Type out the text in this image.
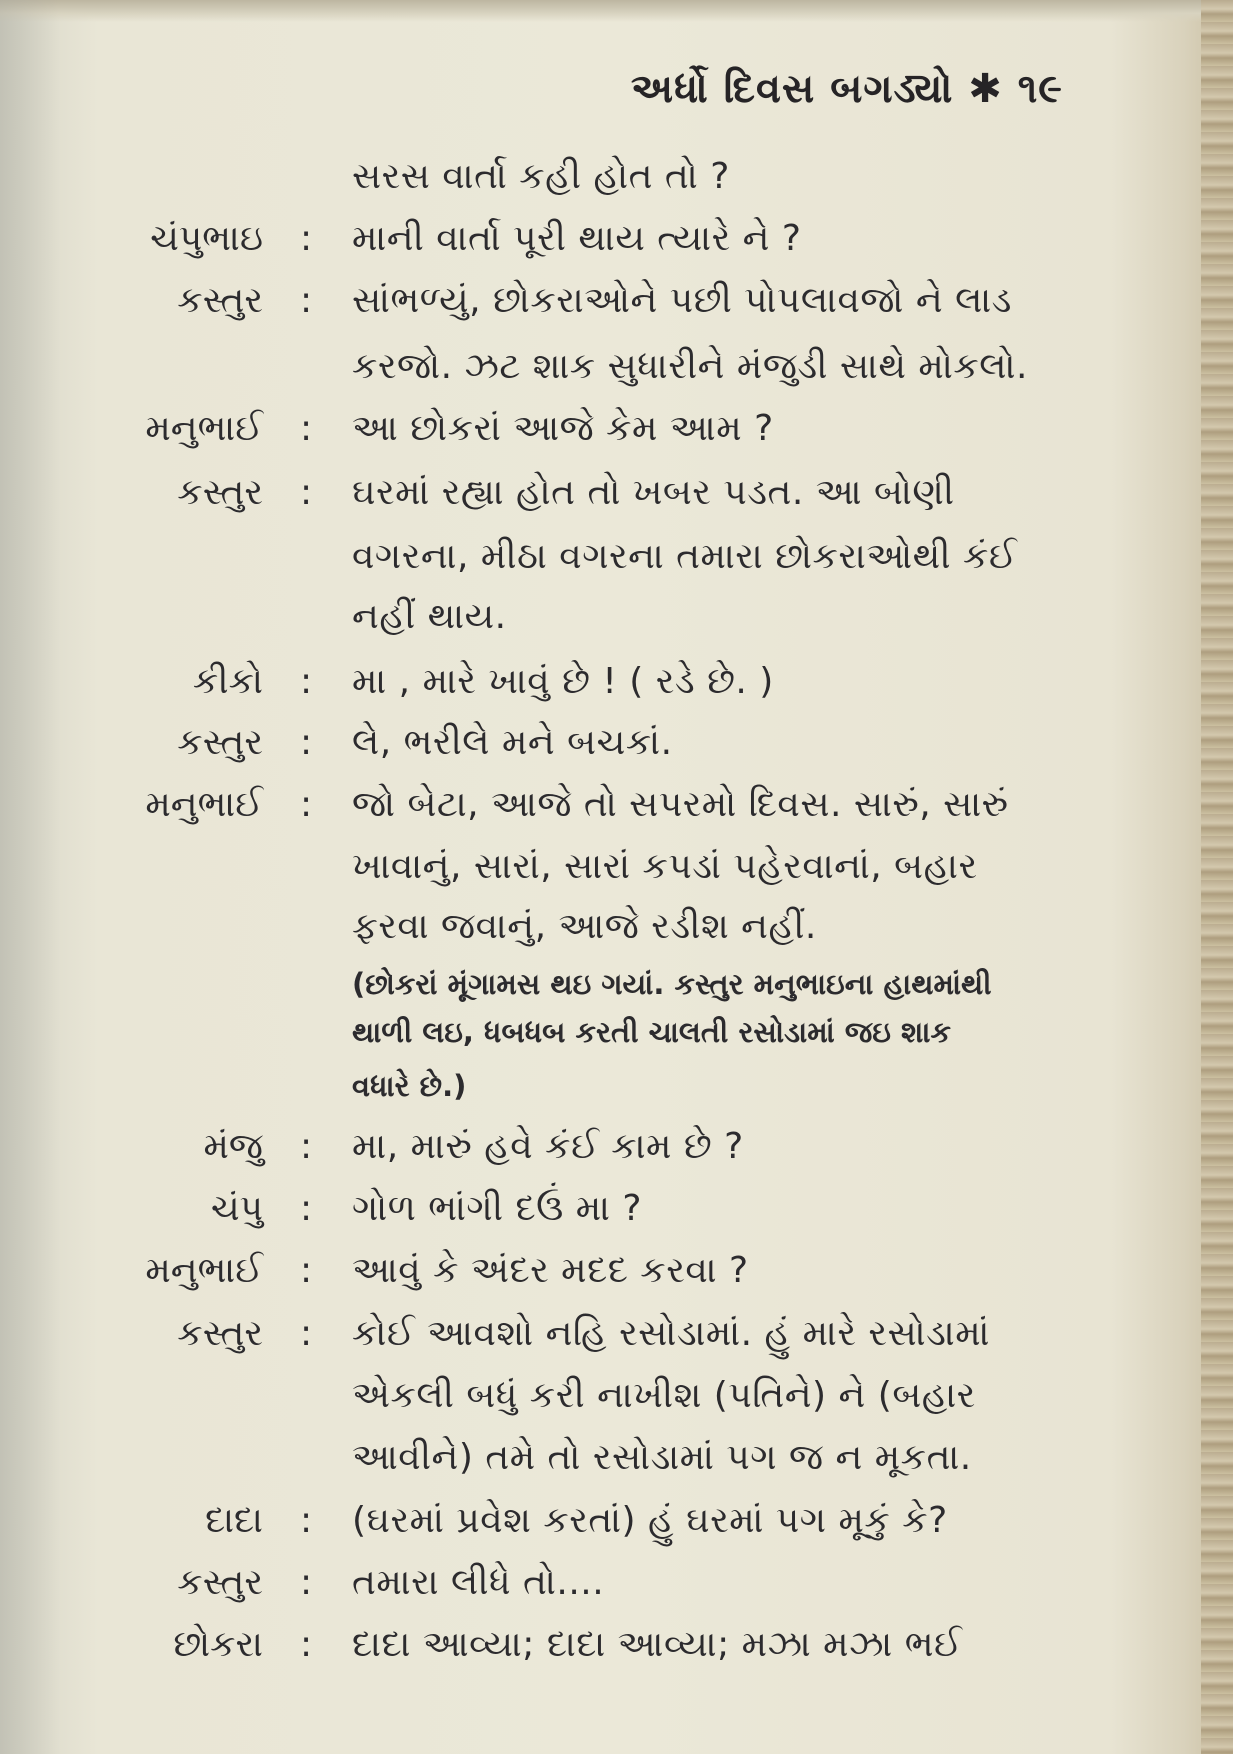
અર્ધો દિવસ બગડ્યો ✱ ૧૯
સરસ વાર્તા કહી હોત તો ?
ચંપુભાઇ : માની વાર્તા પૂરી થાય ત્યારે ને ?
કસ્તુર : સાંભળ્યું, છોકરાઓને પછી પોપલાવજો ને લાડ
કરજો. ઝટ શાક સુધારીને મંજુડી સાથે મોકલો.
મનુભાઈ : આ છોકરાં આજે કેમ આમ ?
કસ્તુર : ઘરમાં રહ્યા હોત તો ખબર પડત. આ બોણી
વગરના, મીઠા વગરના તમારા છોકરાઓથી કંઈ
નહીં થાય.
કીકો : મા , મારે ખાવું છે ! ( રડે છે. )
કસ્તુર : લે, ભરીલે મને બચકાં.
મનુભાઈ : જો બેટા, આજે તો સપરમો દિવસ. સારું, સારું
ખાવાનું, સારાં, સારાં કપડાં પહેરવાનાં, બહાર
ફરવા જવાનું, આજે રડીશ નહીં.
(છોકરાં મૂંગામસ થઇ ગયાં. કસ્તુર મનુભાઇના હાથમાંથી
થાળી લઇ, ધબધબ કરતી ચાલતી રસોડામાં જઇ શાક
વધારે છે.)
મંજુ : મા, મારું હવે કંઈ કામ છે ?
ચંપુ : ગોળ ભાંગી દઉં મા ?
મનુભાઈ : આવું કે અંદર મદદ કરવા ?
કસ્તુર : કોઈ આવશો નહિ રસોડામાં. હું મારે રસોડામાં
એકલી બધું કરી નાખીશ (પતિને) ને (બહાર
આવીને) તમે તો રસોડામાં પગ જ ન મૂકતા.
દાદા : (ઘરમાં પ્રવેશ કરતાં) હું ઘરમાં પગ મૂકું કે?
કસ્તુર : તમારા લીધે તો....
છોકરા : દાદા આવ્યા; દાદા આવ્યા; મઝા મઝા ભઈ
